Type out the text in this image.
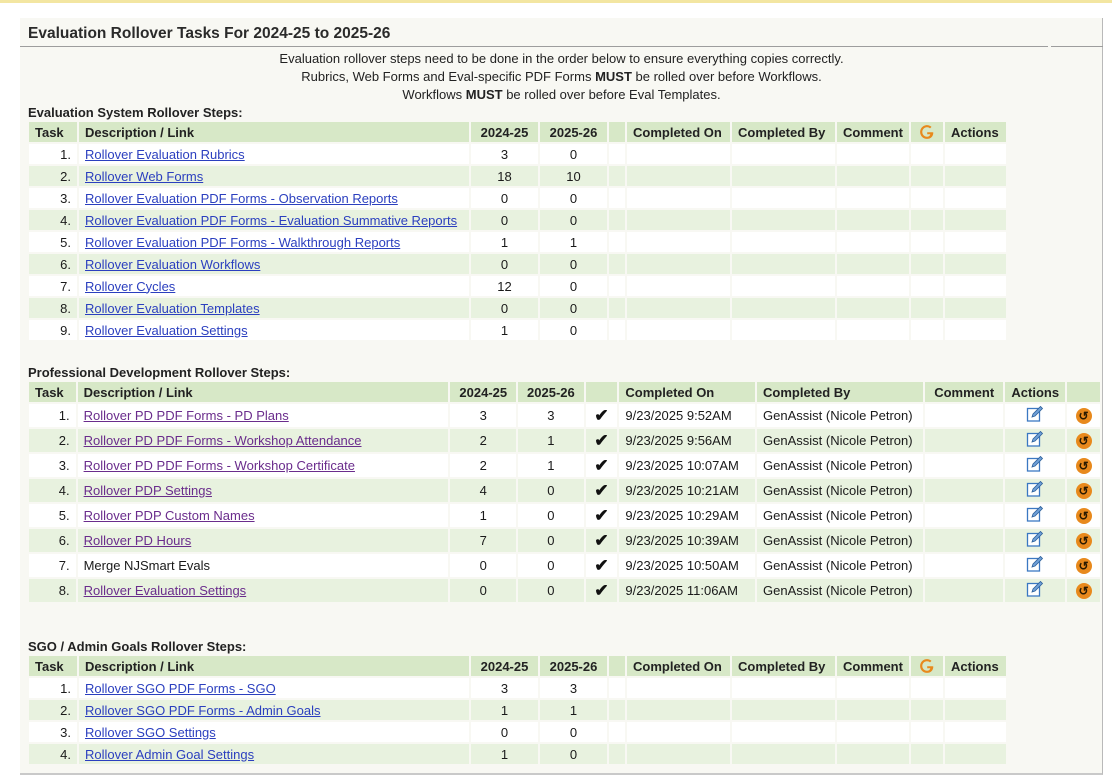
Evaluation Rollover Tasks For 2024-25 to 2025-26
Evaluation rollover steps need to be done in the order below to ensure everything copies correctly.
Rubrics, Web Forms and Eval-specific PDF Forms MUST be rolled over before Workflows.
Workflows MUST be rolled over before Eval Templates.
Evaluation System Rollover Steps:
Task	Description / Link	2024-25	2025-26		Completed On	Completed By	Comment		Actions
1.	Rollover Evaluation Rubrics	3	0						
2.	Rollover Web Forms	18	10						
3.	Rollover Evaluation PDF Forms - Observation Reports	0	0						
4.	Rollover Evaluation PDF Forms - Evaluation Summative Reports	0	0						
5.	Rollover Evaluation PDF Forms - Walkthrough Reports	1	1						
6.	Rollover Evaluation Workflows	0	0						
7.	Rollover Cycles	12	0						
8.	Rollover Evaluation Templates	0	0						
9.	Rollover Evaluation Settings	1	0						
Professional Development Rollover Steps:
Task	Description / Link	2024-25	2025-26		Completed On	Completed By	Comment	Actions	
1.	Rollover PD PDF Forms - PD Plans	3	3	✔	9/23/2025 9:52AM	GenAssist (Nicole Petron)			↺
2.	Rollover PD PDF Forms - Workshop Attendance	2	1	✔	9/23/2025 9:56AM	GenAssist (Nicole Petron)			↺
3.	Rollover PD PDF Forms - Workshop Certificate	2	1	✔	9/23/2025 10:07AM	GenAssist (Nicole Petron)			↺
4.	Rollover PDP Settings	4	0	✔	9/23/2025 10:21AM	GenAssist (Nicole Petron)			↺
5.	Rollover PDP Custom Names	1	0	✔	9/23/2025 10:29AM	GenAssist (Nicole Petron)			↺
6.	Rollover PD Hours	7	0	✔	9/23/2025 10:39AM	GenAssist (Nicole Petron)			↺
7.	Merge NJSmart Evals	0	0	✔	9/23/2025 10:50AM	GenAssist (Nicole Petron)			↺
8.	Rollover Evaluation Settings	0	0	✔	9/23/2025 11:06AM	GenAssist (Nicole Petron)			↺
SGO / Admin Goals Rollover Steps:
Task	Description / Link	2024-25	2025-26		Completed On	Completed By	Comment		Actions
1.	Rollover SGO PDF Forms - SGO	3	3						
2.	Rollover SGO PDF Forms - Admin Goals	1	1						
3.	Rollover SGO Settings	0	0						
4.	Rollover Admin Goal Settings	1	0						
